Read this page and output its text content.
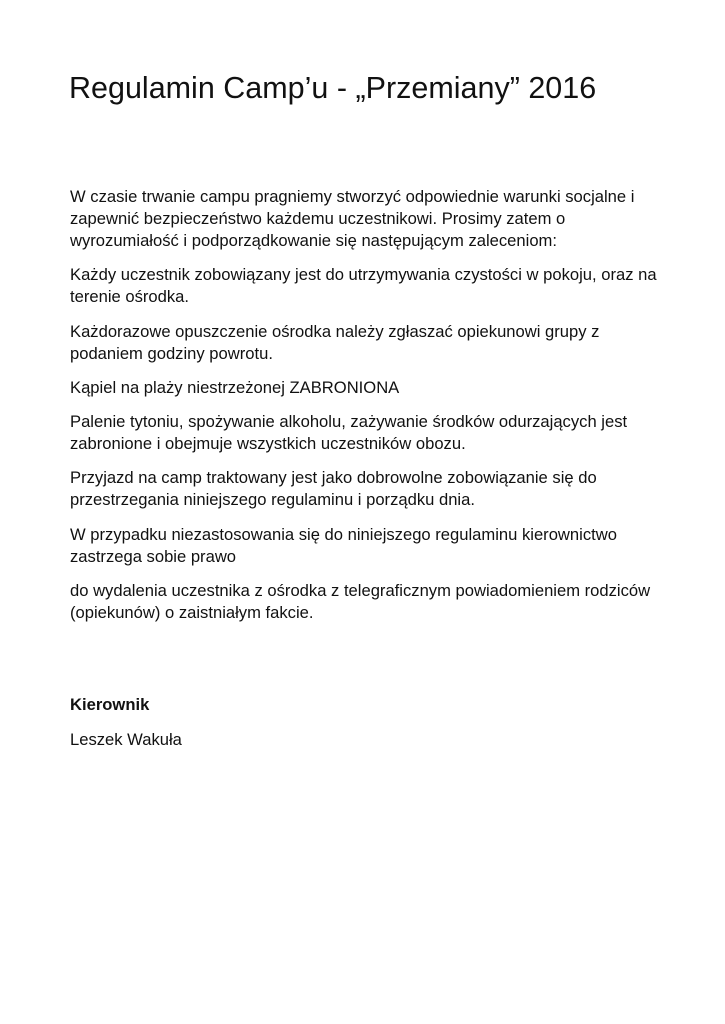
Regulamin Camp’u - „Przemiany” 2016

W czasie trwanie campu pragniemy stworzyć odpowiednie warunki socjalne i zapewnić bezpieczeństwo każdemu uczestnikowi. Prosimy zatem o wyrozumiałość i podporządkowanie się następującym zaleceniom:

Każdy uczestnik zobowiązany jest do utrzymywania czystości w pokoju, oraz na terenie ośrodka.

Każdorazowe opuszczenie ośrodka należy zgłaszać opiekunowi grupy z podaniem godziny powrotu.

Kąpiel na plaży niestrzeżonej ZABRONIONA

Palenie tytoniu, spożywanie alkoholu, zażywanie środków odurzających jest zabronione i obejmuje wszystkich uczestników obozu.

Przyjazd na camp traktowany jest jako dobrowolne zobowiązanie się do przestrzegania niniejszego regulaminu i porządku dnia.

W przypadku niezastosowania się do niniejszego regulaminu kierownictwo zastrzega sobie prawo

do wydalenia uczestnika z ośrodka z telegraficznym powiadomieniem rodziców (opiekunów) o zaistniałym fakcie.

Kierownik

Leszek Wakuła
